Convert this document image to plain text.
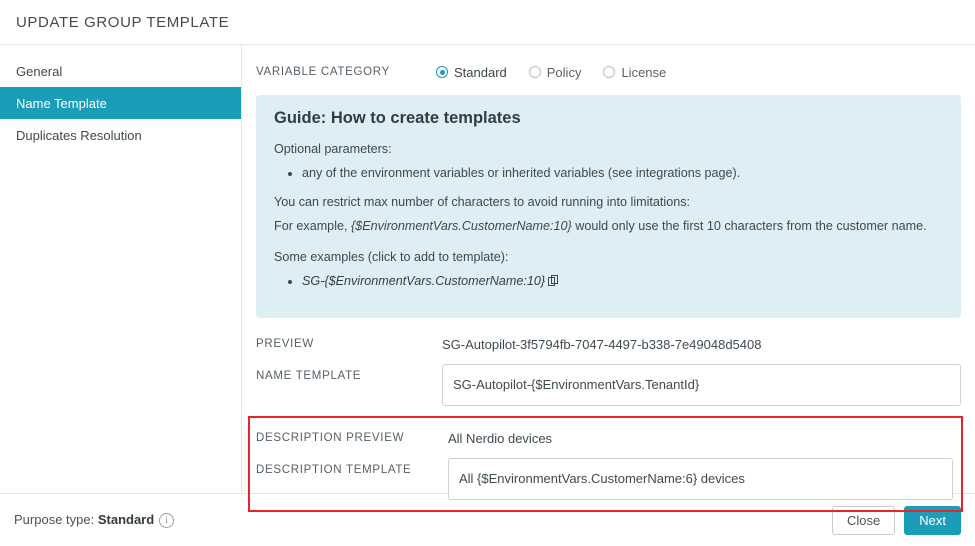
UPDATE GROUP TEMPLATE
General
Name Template
Duplicates Resolution
VARIABLE CATEGORY	Standard	Policy	License
Guide: How to create templates

Optional parameters:

• any of the environment variables or inherited variables (see integrations page).

You can restrict max number of characters to avoid running into limitations:

For example, {$EnvironmentVars.CustomerName:10} would only use the first 10 characters from the customer name.

Some examples (click to add to template):

• SG-{$EnvironmentVars.CustomerName:10}
PREVIEW	SG-Autopilot-3f5794fb-7047-4497-b338-7e49048d5408
NAME TEMPLATE
SG-Autopilot-{$EnvironmentVars.TenantId}
DESCRIPTION PREVIEW	All Nerdio devices
DESCRIPTION TEMPLATE
All {$EnvironmentVars.CustomerName:6} devices
Purpose type: Standard i	Close	Next
